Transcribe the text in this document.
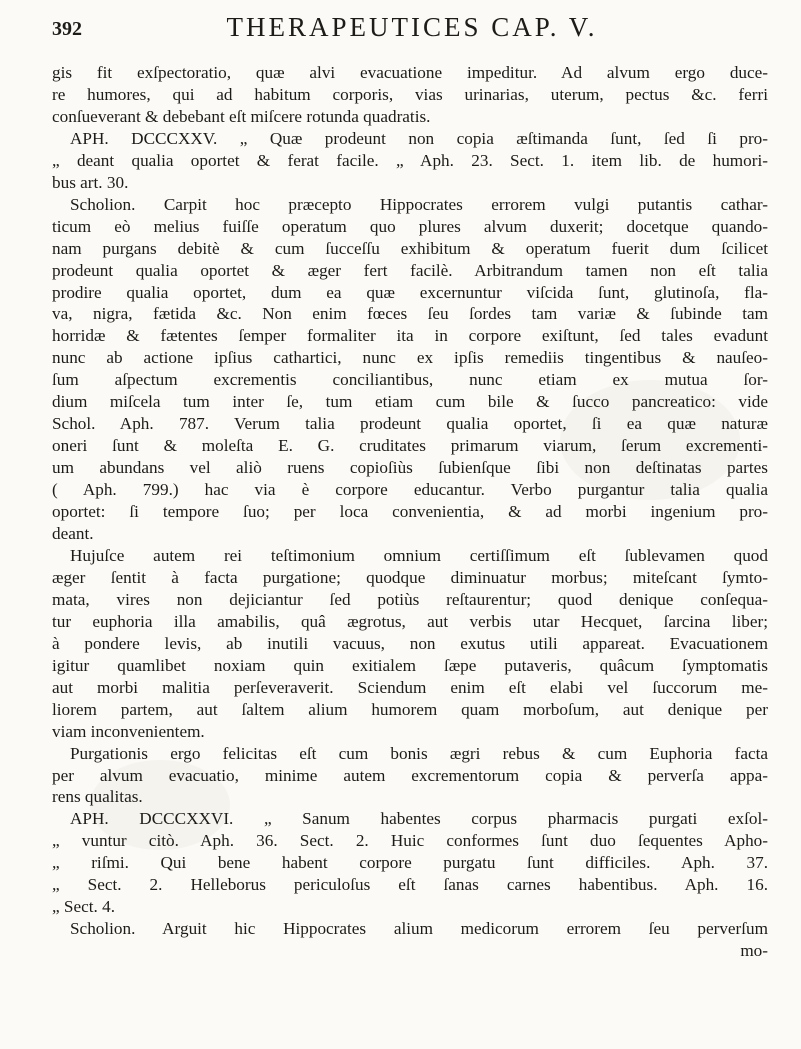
392	THERAPEUTICES CAP. V.
gis fit exſpectoratio, quæ alvi evacuatione impeditur. Ad alvum ergo duce-
re humores, qui ad habitum corporis, vias urinarias, uterum, pectus &c. ferri
conſueverant & debebant eſt miſcere rotunda quadratis.
APH. DCCCXXV. „ Quæ prodeunt non copia æſtimanda ſunt, ſed ſi pro-
„ deant qualia oportet & ferat facile. „ Aph. 23. Sect. 1. item lib. de humori-
bus art. 30.
Scholion. Carpit hoc præcepto Hippocrates errorem vulgi putantis cathar-
ticum eò melius fuiſſe operatum quo plures alvum duxerit; docetque quando-
nam purgans debitè & cum ſucceſſu exhibitum & operatum fuerit dum ſcilicet
prodeunt qualia oportet & æger fert facilè. Arbitrandum tamen non eſt talia
prodire qualia oportet, dum ea quæ excernuntur viſcida ſunt, glutinoſa, fla-
va, nigra, fætida &c. Non enim fœces ſeu ſordes tam variæ & ſubinde tam
horridæ & fætentes ſemper formaliter ita in corpore exiſtunt, ſed tales evadunt
nunc ab actione ipſius cathartici, nunc ex ipſis remediis tingentibus & nauſeo-
ſum aſpectum excrementis conciliantibus, nunc etiam ex mutua ſor-
dium miſcela tum inter ſe, tum etiam cum bile & ſucco pancreatico: vide
Schol. Aph. 787. Verum talia prodeunt qualia oportet, ſi ea quæ naturæ
oneri ſunt & moleſta E. G. cruditates primarum viarum, ſerum excrementi-
um abundans vel aliò ruens copioſiùs ſubienſque ſibi non deſtinatas partes
( Aph. 799.) hac via è corpore educantur. Verbo purgantur talia qualia
oportet: ſi tempore ſuo; per loca convenientia, & ad morbi ingenium pro-
deant.
Hujuſce autem rei teſtimonium omnium certiſſimum eſt ſublevamen quod
æger ſentit à facta purgatione; quodque diminuatur morbus; miteſcant ſymto-
mata, vires non dejiciantur ſed potiùs reſtaurentur; quod denique conſequa-
tur euphoria illa amabilis, quâ ægrotus, aut verbis utar Hecquet, ſarcina liber;
à pondere levis, ab inutili vacuus, non exutus utili appareat. Evacuationem
igitur quamlibet noxiam quin exitialem ſæpe putaveris, quâcum ſymptomatis
aut morbi malitia perſeveraverit. Sciendum enim eſt elabi vel ſuccorum me-
liorem partem, aut ſaltem alium humorem quam morboſum, aut denique per
viam inconvenientem.
Purgationis ergo felicitas eſt cum bonis ægri rebus & cum Euphoria facta
per alvum evacuatio, minime autem excrementorum copia & perverſa appa-
rens qualitas.
APH. DCCCXXVI. „ Sanum habentes corpus pharmacis purgati exſol-
„ vuntur citò. Aph. 36. Sect. 2. Huic conformes ſunt duo ſequentes Apho-
„ riſmi. Qui bene habent corpore purgatu ſunt difficiles. Aph. 37.
„ Sect. 2. Helleborus periculoſus eſt ſanas carnes habentibus. Aph. 16.
„ Sect. 4.
Scholion. Arguit hic Hippocrates alium medicorum errorem ſeu perverſum
mo-
